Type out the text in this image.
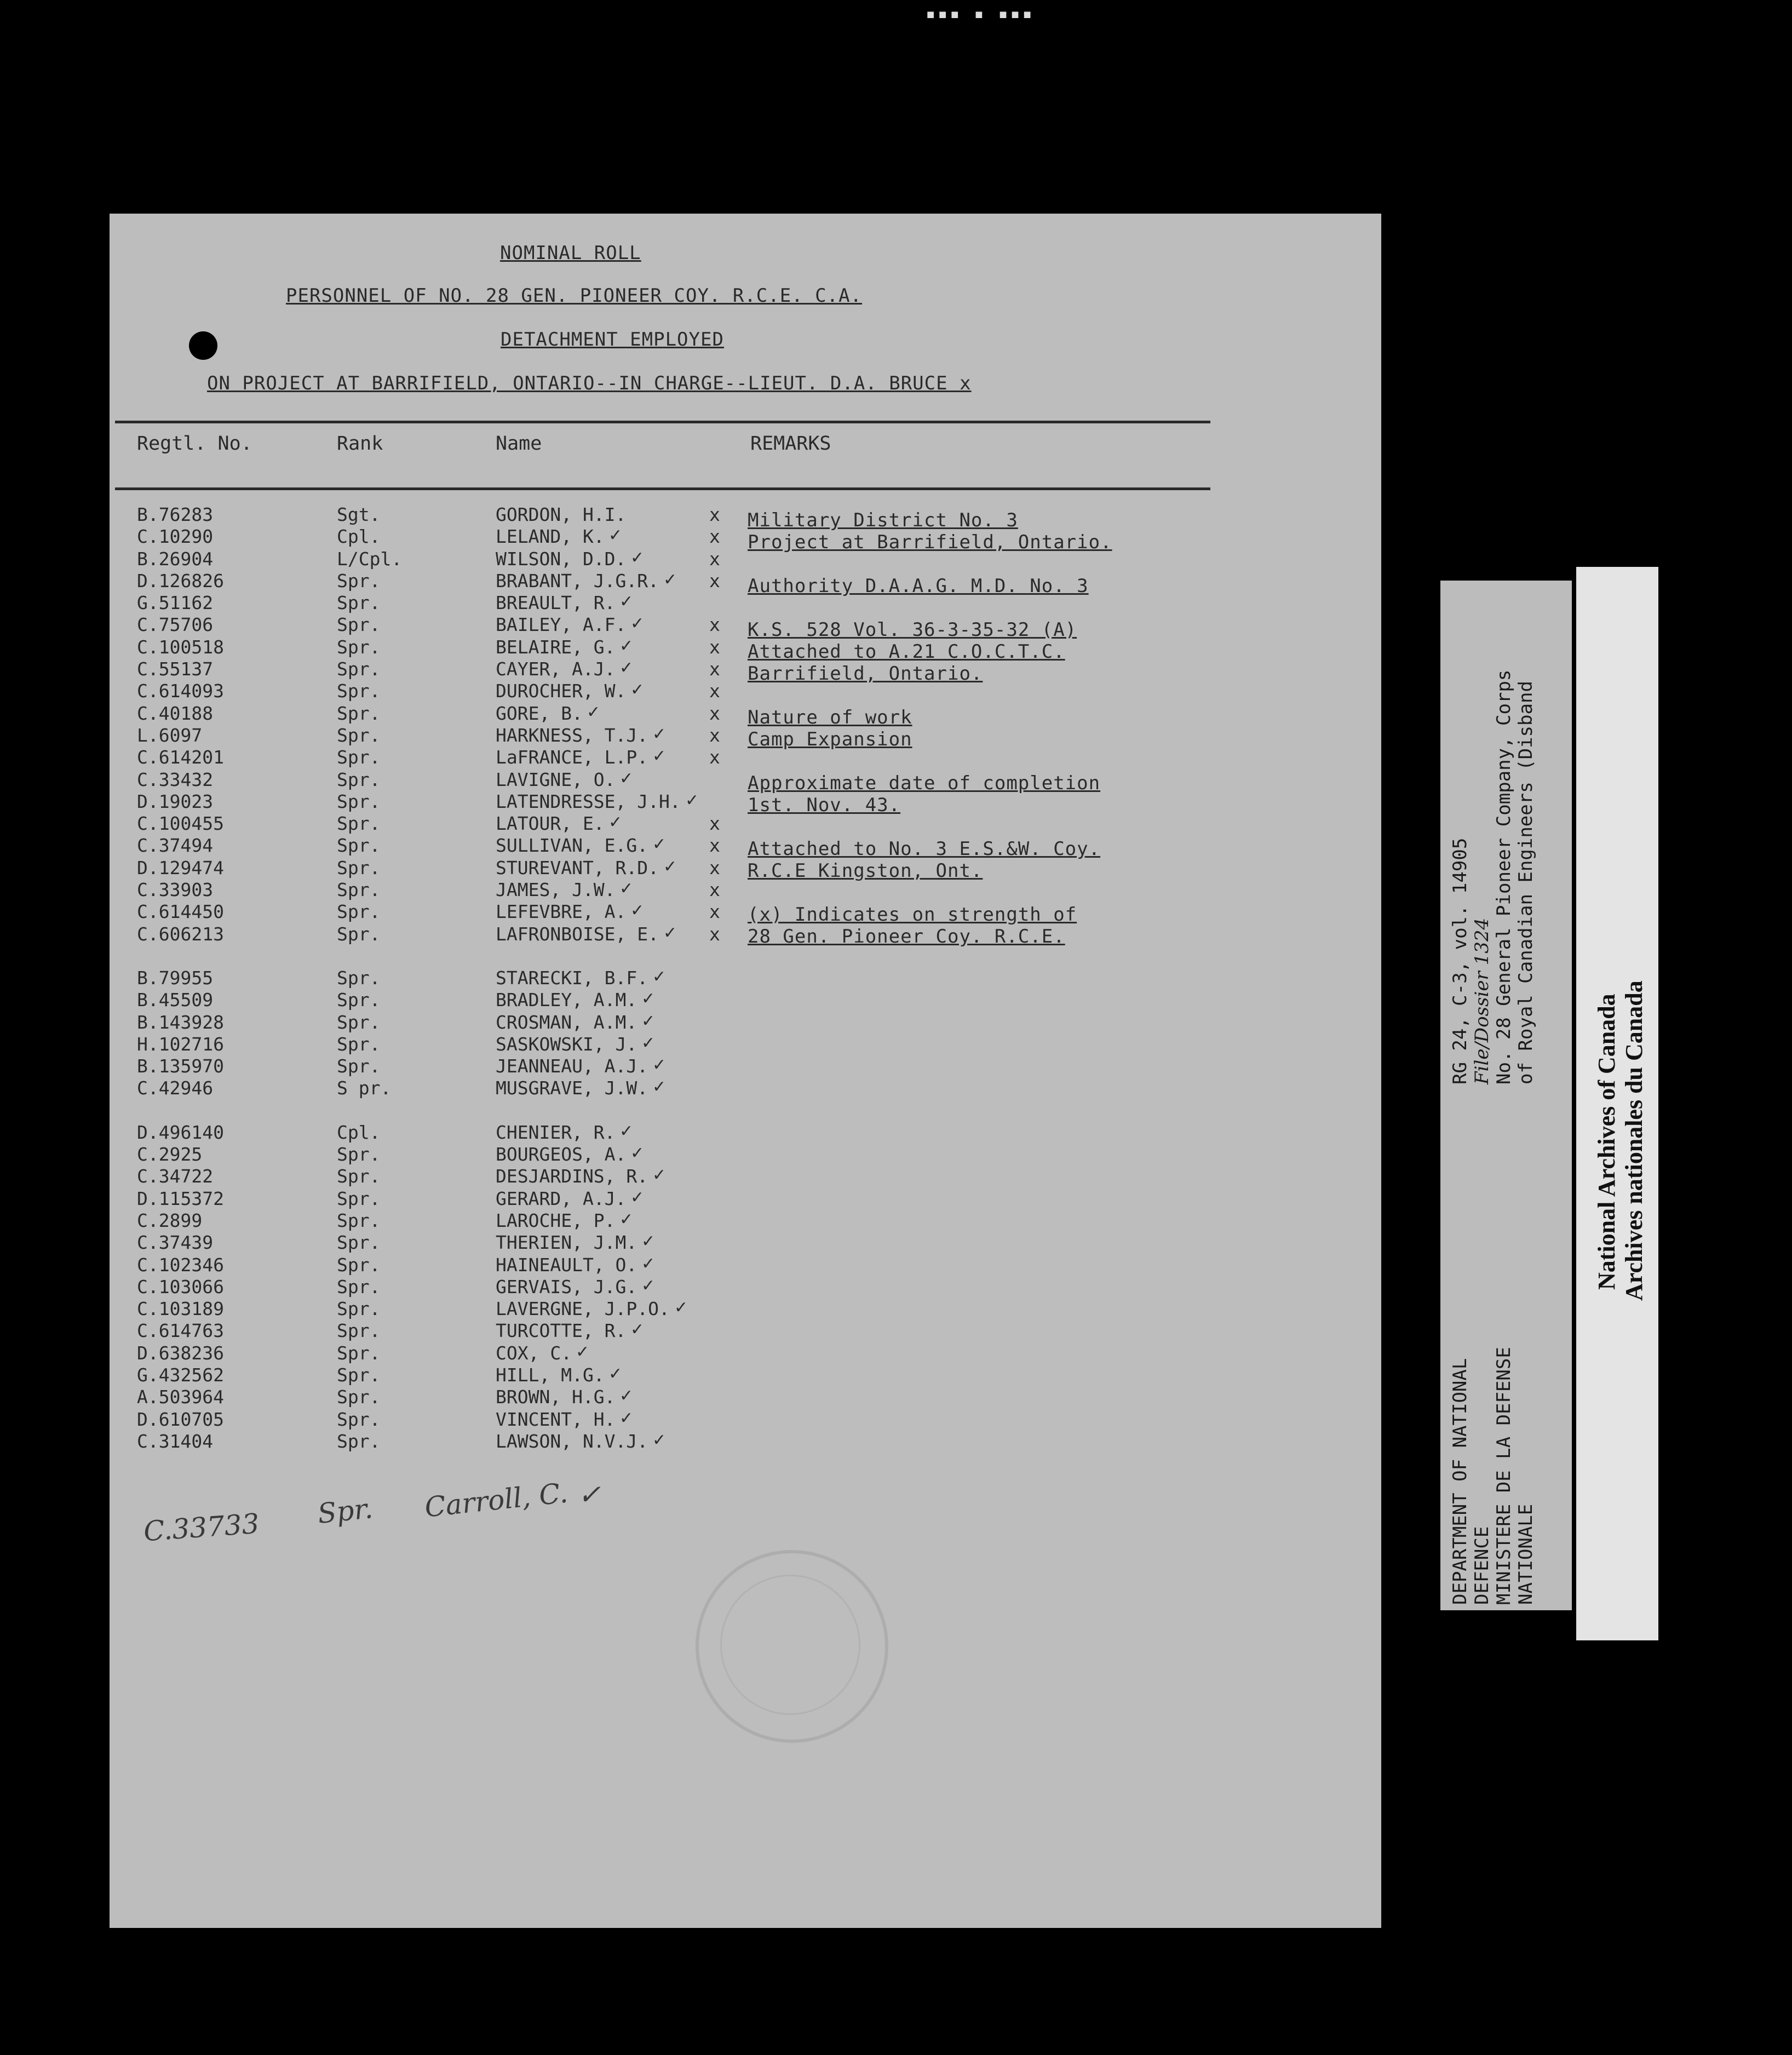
▪▪▪ ▪ ▪▪▪
NOMINAL ROLL
PERSONNEL OF NO. 28 GEN. PIONEER COY. R.C.E. C.A.
DETACHMENT EMPLOYED
ON PROJECT AT BARRIFIELD, ONTARIO--IN CHARGE--LIEUT. D.A. BRUCE x
Regtl. No.	Rank	Name	REMARKS
B.76283	Sgt.	GORDON, H.I.	x
C.10290	Cpl.	LELAND, K. ✓	x
B.26904	L/Cpl.	WILSON, D.D. ✓	x
D.126826	Spr.	BRABANT, J.G.R. ✓ x
G.51162	Spr.	BREAULT, R. ✓
C.75706	Spr.	BAILEY, A.F. ✓	x
C.100518	Spr.	BELAIRE, G. ✓	x
C.55137	Spr.	CAYER, A.J. ✓	x
C.614093	Spr.	DUROCHER, W. ✓	x
C.40188	Spr.	GORE, B. ✓	x
L.6097	Spr.	HARKNESS, T.J. ✓ x
C.614201	Spr.	LaFRANCE, L.P. ✓ x
C.33432	Spr.	LAVIGNE, O. ✓
D.19023	Spr.	LATENDRESSE, J.H. ✓
C.100455	Spr.	LATOUR, E. ✓	x
C.37494	Spr.	SULLIVAN, E.G. ✓ x
D.129474	Spr.	STUREVANT, R.D. ✓ x
C.33903	Spr.	JAMES, J.W. ✓	x
C.614450	Spr.	LEFEVBRE, A. ✓	x
C.606213	Spr.	LAFRONBOISE, E. ✓ x
B.79955	Spr.	STARECKI, B.F. ✓
B.45509	Spr.	BRADLEY, A.M. ✓
B.143928	Spr.	CROSMAN, A.M. ✓
H.102716	Spr.	SASKOWSKI, J. ✓
B.135970	Spr.	JEANNEAU, A.J. ✓
C.42946	S pr.	MUSGRAVE, J.W. ✓
D.496140	Cpl.	CHENIER, R. ✓
C.2925	Spr.	BOURGEOS, A. ✓
C.34722	Spr.	DESJARDINS, R. ✓
D.115372	Spr.	GERARD, A.J. ✓
C.2899	Spr.	LAROCHE, P. ✓
C.37439	Spr.	THERIEN, J.M. ✓
C.102346	Spr.	HAINEAULT, O. ✓
C.103066	Spr.	GERVAIS, J.G. ✓
C.103189	Spr.	LAVERGNE, J.P.O. ✓
C.614763	Spr.	TURCOTTE, R. ✓
D.638236	Spr.	COX, C. ✓
G.432562	Spr.	HILL, M.G. ✓
A.503964	Spr.	BROWN, H.G. ✓
D.610705	Spr.	VINCENT, H. ✓
C.31404	Spr.	LAWSON, N.V.J. ✓
Military District No. 3
Project at Barrifield, Ontario.
Authority D.A.A.G. M.D. No. 3
K.S. 528 Vol. 36-3-35-32 (A)
Attached to A.21 C.O.C.T.C.
Barrifield, Ontario.
Nature of work
Camp Expansion
Approximate date of completion
1st. Nov. 43.
Attached to No. 3 E.S.&W. Coy.
R.C.E Kingston, Ont.
(x) Indicates on strength of
28 Gen. Pioneer Coy. R.C.E.
C.33733 Spr. Carroll, C. ✓	DEPARTMENT OF NATIONAL DEFENCE MINISTERE DE LA DEFENSE NATIONALE
RG 24, C-3, vol. 14905 File/Dossier 1324 No. 28 General Pioneer Company, Corps of Royal Canadian Engineers (Disband
National Archives of Canada Archives nationales du Canada
